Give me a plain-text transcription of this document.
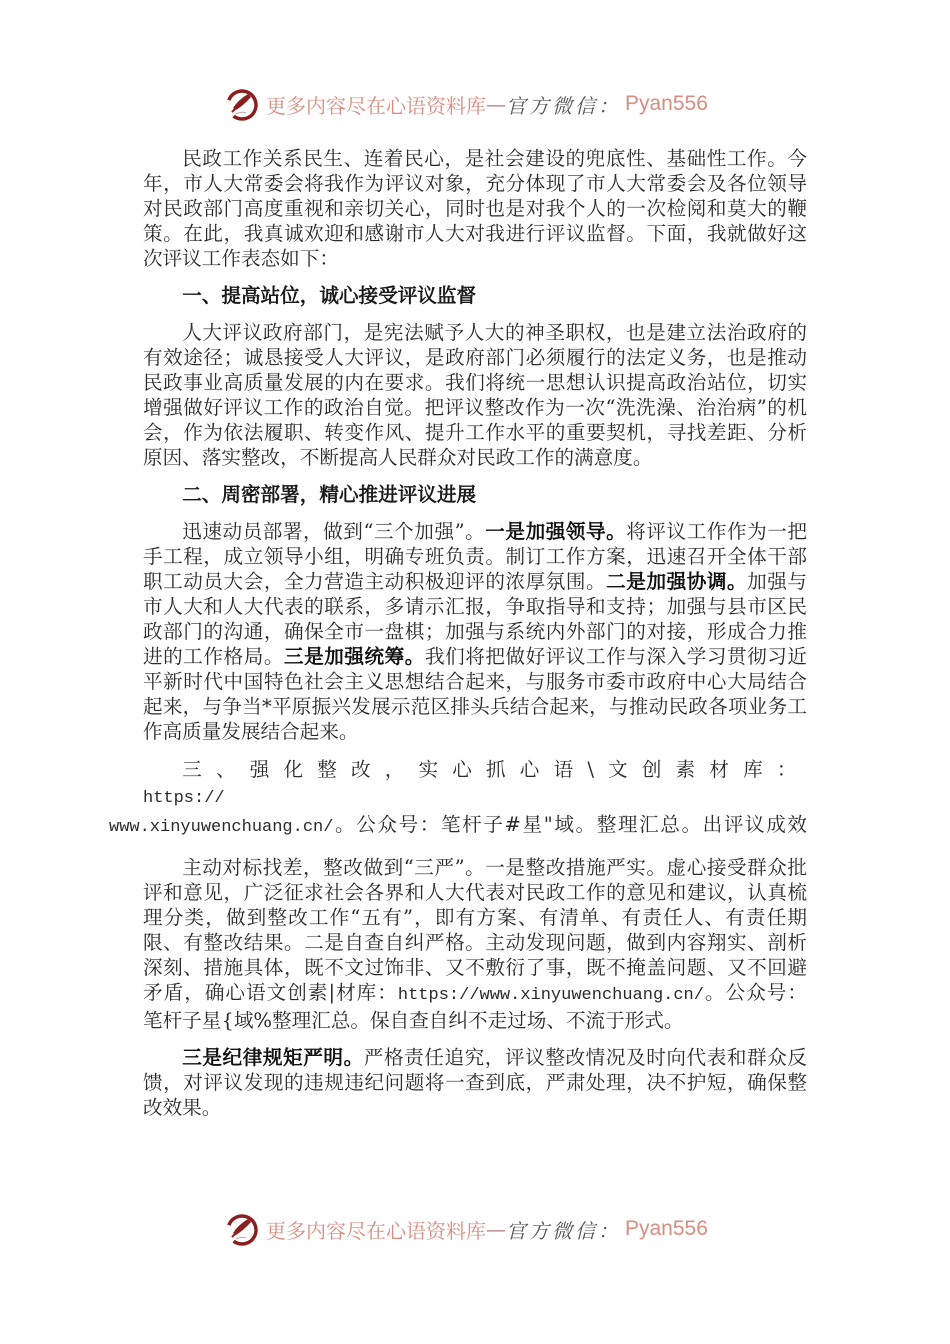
更多内容尽在心语资料库 — 官方微信： Pyan556

民政工作关系民生、连着民心，是社会建设的兜底性、基础性工作。今年，市人大常委会将我作为评议对象，充分体现了市人大常委会及各位领导对民政部门高度重视和亲切关心，同时也是对我个人的一次检阅和莫大的鞭策。在此，我真诚欢迎和感谢市人大对我进行评议监督。下面，我就做好这次评议工作表态如下：

一、提高站位，诚心接受评议监督

人大评议政府部门，是宪法赋予人大的神圣职权，也是建立法治政府的有效途径；诚恳接受人大评议，是政府部门必须履行的法定义务，也是推动民政事业高质量发展的内在要求。我们将统一思想认识提高政治站位，切实增强做好评议工作的政治自觉。把评议整改作为一次“洗洗澡、治治病”的机会，作为依法履职、转变作风、提升工作水平的重要契机，寻找差距、分析原因、落实整改，不断提高人民群众对民政工作的满意度。

二、周密部署，精心推进评议进展

迅速动员部署，做到“三个加强”。一是加强领导。将评议工作作为一把手工程，成立领导小组，明确专班负责。制订工作方案，迅速召开全体干部职工动员大会，全力营造主动积极迎评的浓厚氛围。二是加强协调。加强与市人大和人大代表的联系，多请示汇报，争取指导和支持；加强与县市区民政部门的沟通，确保全市一盘棋；加强与系统内外部门的对接，形成合力推进的工作格局。三是加强统筹。我们将把做好评议工作与深入学习贯彻习近平新时代中国特色社会主义思想结合起来，与服务市委市政府中心大局结合起来，与争当*平原振兴发展示范区排头兵结合起来，与推动民政各项业务工作高质量发展结合起来。

三、强化整改，实心抓心语\文创素材库：https://
www.xinyuwenchuang.cn/。公众号：笔杆子#星"域。整理汇总。出评议成效

主动对标找差，整改做到“三严”。一是整改措施严实。虚心接受群众批评和意见，广泛征求社会各界和人大代表对民政工作的意见和建议，认真梳理分类，做到整改工作“五有”，即有方案、有清单、有责任人、有责任期限、有整改结果。二是自查自纠严格。主动发现问题，做到内容翔实、剖析深刻、措施具体，既不文过饰非、又不敷衍了事，既不掩盖问题、又不回避矛盾，确心语文创素|材库：https://www.xinyuwenchuang.cn/。公众号：笔杆子星{域%整理汇总。保自查自纠不走过场、不流于形式。

三是纪律规矩严明。严格责任追究，评议整改情况及时向代表和群众反馈，对评议发现的违规违纪问题将一查到底，严肃处理，决不护短，确保整改效果。

更多内容尽在心语资料库 — 官方微信： Pyan556
